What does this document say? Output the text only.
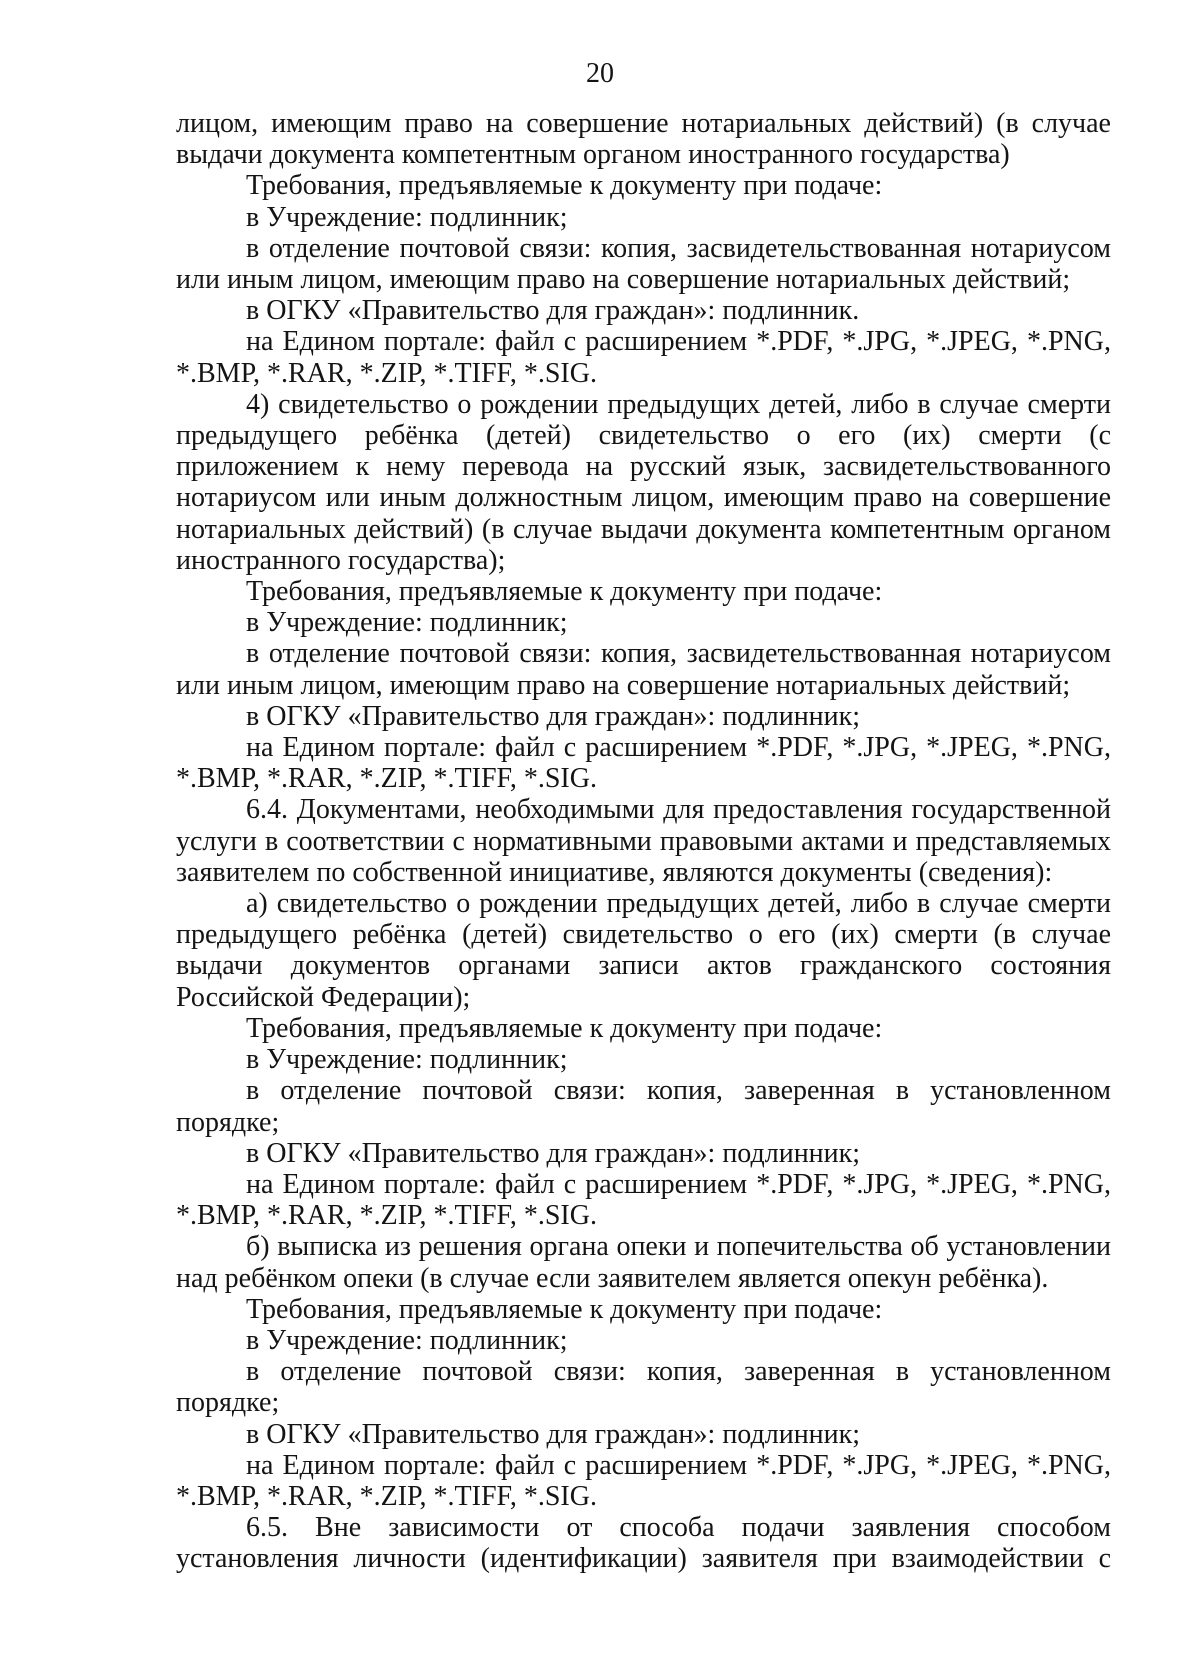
20

лицом, имеющим право на совершение нотариальных действий) (в случае выдачи документа компетентным органом иностранного государства)

Требования, предъявляемые к документу при подаче:

в Учреждение: подлинник;

в отделение почтовой связи: копия, засвидетельствованная нотариусом или иным лицом, имеющим право на совершение нотариальных действий;

в ОГКУ «Правительство для граждан»: подлинник.

на Едином портале: файл с расширением *.PDF, *.JPG, *.JPEG, *.PNG, *.BMP, *.RAR, *.ZIP, *.TIFF, *.SIG.

4) свидетельство о рождении предыдущих детей, либо в случае смерти предыдущего ребёнка (детей) свидетельство о его (их) смерти (с приложением к нему перевода на русский язык, засвидетельствованного нотариусом или иным должностным лицом, имеющим право на совершение нотариальных действий) (в случае выдачи документа компетентным органом иностранного государства);

Требования, предъявляемые к документу при подаче:

в Учреждение: подлинник;

в отделение почтовой связи: копия, засвидетельствованная нотариусом или иным лицом, имеющим право на совершение нотариальных действий;

в ОГКУ «Правительство для граждан»: подлинник;

на Едином портале: файл с расширением *.PDF, *.JPG, *.JPEG, *.PNG, *.BMP, *.RAR, *.ZIP, *.TIFF, *.SIG.

6.4. Документами, необходимыми для предоставления государственной услуги в соответствии с нормативными правовыми актами и представляемых заявителем по собственной инициативе, являются документы (сведения):

а) свидетельство о рождении предыдущих детей, либо в случае смерти предыдущего ребёнка (детей) свидетельство о его (их) смерти (в случае выдачи документов органами записи актов гражданского состояния Российской Федерации);

Требования, предъявляемые к документу при подаче:

в Учреждение: подлинник;

в отделение почтовой связи: копия, заверенная в установленном порядке;

в ОГКУ «Правительство для граждан»: подлинник;

на Едином портале: файл с расширением *.PDF, *.JPG, *.JPEG, *.PNG, *.BMP, *.RAR, *.ZIP, *.TIFF, *.SIG.

б) выписка из решения органа опеки и попечительства об установлении над ребёнком опеки (в случае если заявителем является опекун ребёнка).

Требования, предъявляемые к документу при подаче:

в Учреждение: подлинник;

в отделение почтовой связи: копия, заверенная в установленном порядке;

в ОГКУ «Правительство для граждан»: подлинник;

на Едином портале: файл с расширением *.PDF, *.JPG, *.JPEG, *.PNG, *.BMP, *.RAR, *.ZIP, *.TIFF, *.SIG.

6.5. Вне зависимости от способа подачи заявления способом установления личности (идентификации) заявителя при взаимодействии с
